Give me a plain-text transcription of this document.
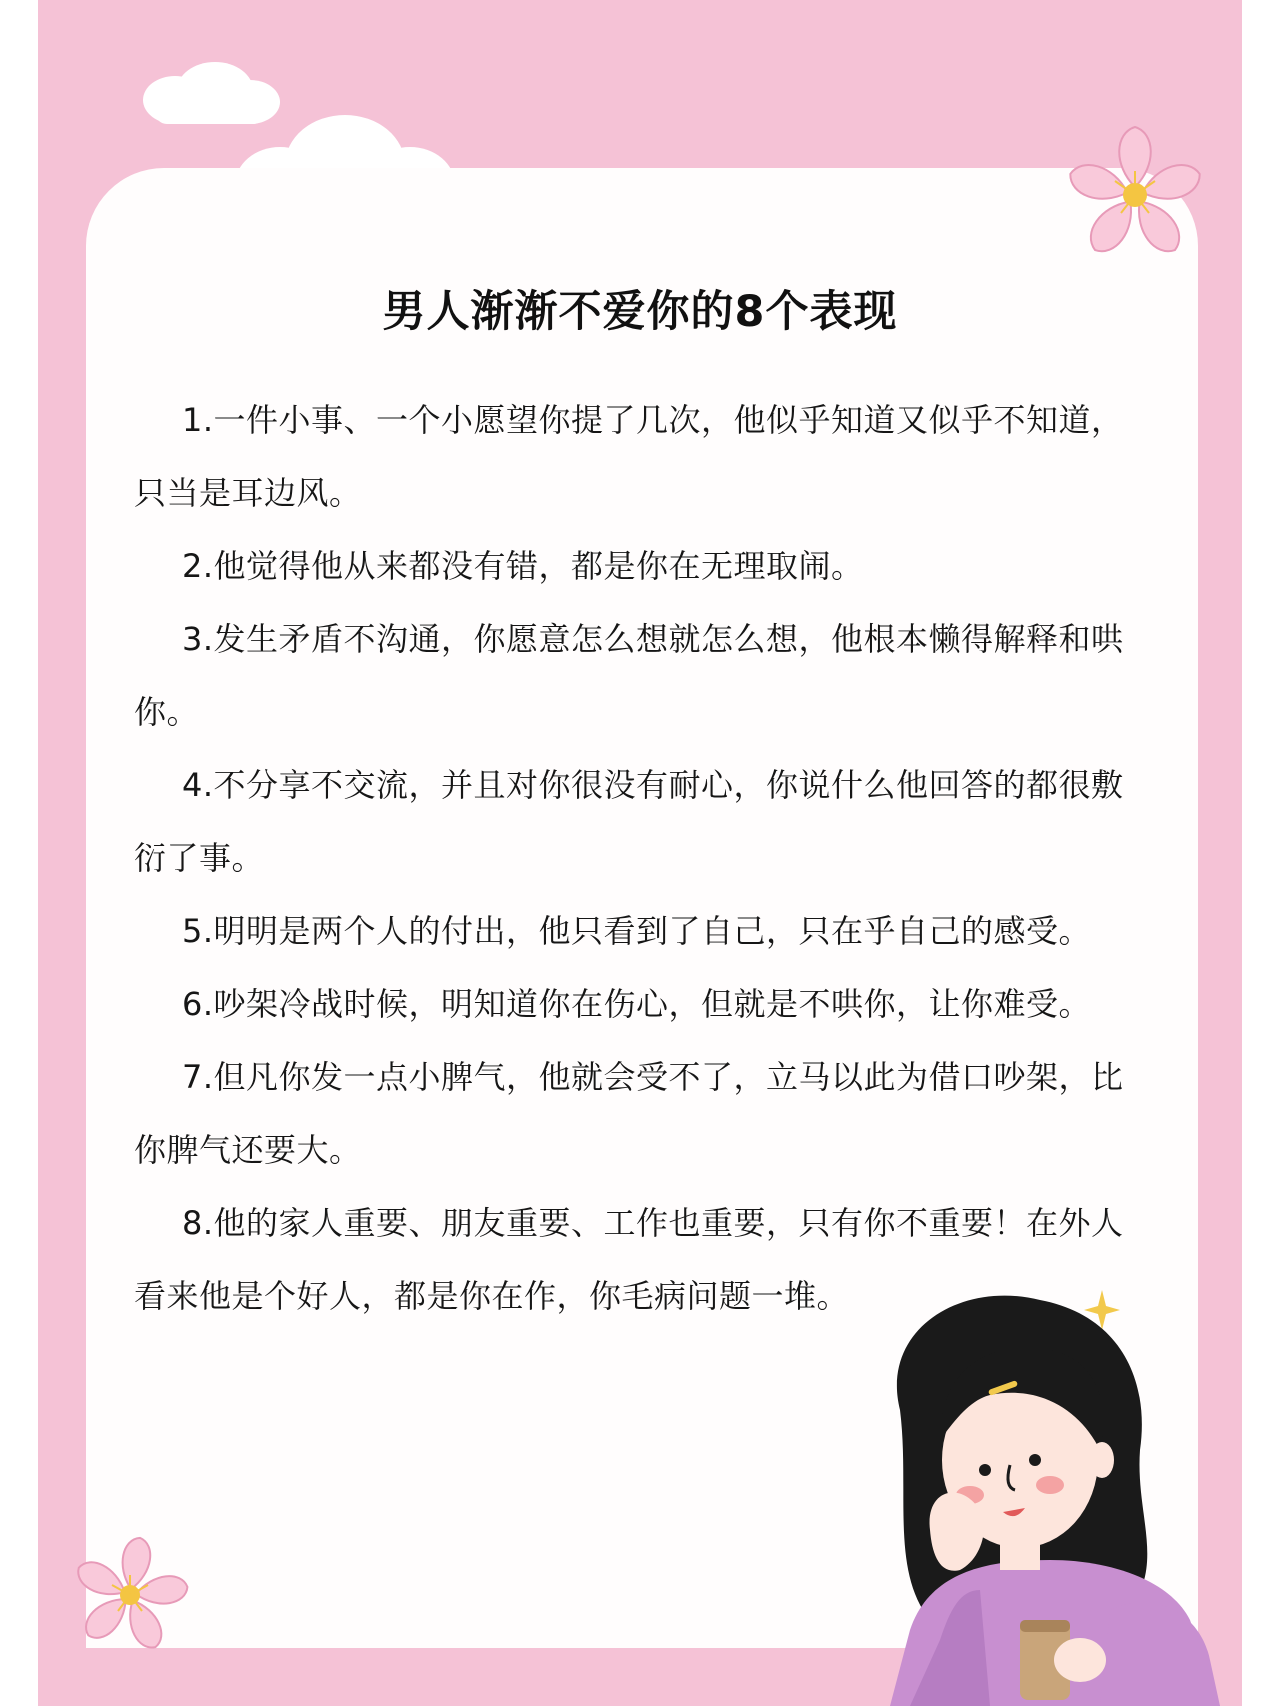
男人渐渐不爱你的8个表现

1.一件小事、一个小愿望你提了几次，他似乎知道又似乎不知道，只当是耳边风。

2.他觉得他从来都没有错，都是你在无理取闹。

3.发生矛盾不沟通，你愿意怎么想就怎么想，他根本懒得解释和哄你。

4.不分享不交流，并且对你很没有耐心，你说什么他回答的都很敷衍了事。

5.明明是两个人的付出，他只看到了自己，只在乎自己的感受。

6.吵架冷战时候，明知道你在伤心，但就是不哄你，让你难受。

7.但凡你发一点小脾气，他就会受不了，立马以此为借口吵架，比你脾气还要大。

8.他的家人重要、朋友重要、工作也重要，只有你不重要！在外人看来他是个好人，都是你在作，你毛病问题一堆。
